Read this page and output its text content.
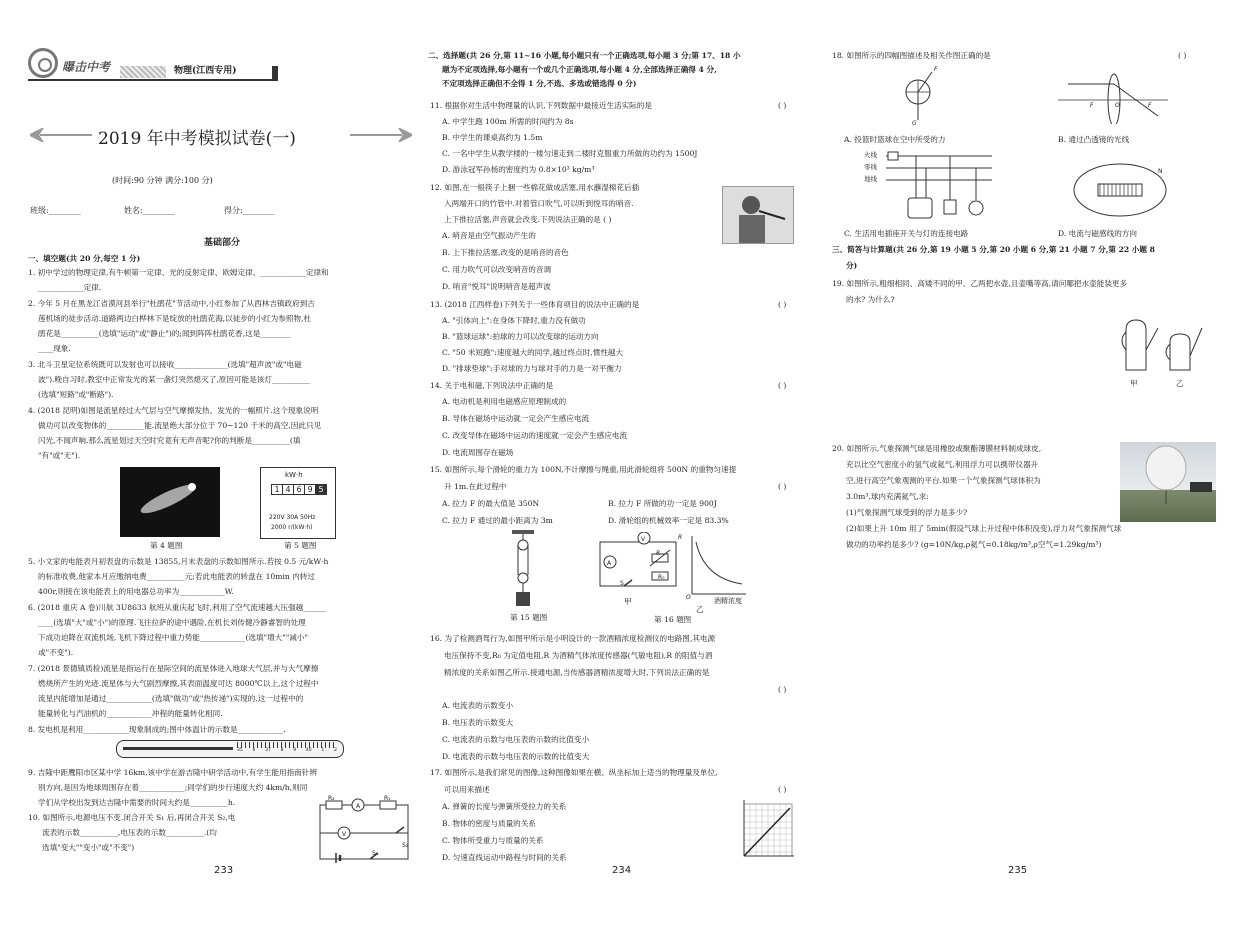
曝击中考	物理(江西专用)
2019 年中考模拟试卷(一)
(时间:90 分钟 满分:100 分)
班级:________	姓名:________	得分:________
基础部分
一、填空题(共 20 分,每空 1 分)
1. 初中学过的物理定律,有牛顿第一定律、光的反射定律、欧姆定律、____________定律和
____________定律.
2. 今年 5 月在黑龙江省漠河县举行"杜鹃花"节活动中,小红参加了从西林吉镇政府到古
莲机场的徒步活动.道路两边白桦林下是绽放的杜鹃花海,以徒步的小红为参照物,杜
鹃花是__________(选填"运动"或"静止")的;闻到阵阵杜鹃花香,这是________
____现象.
3. 北斗卫星定位系统既可以发射也可以接收______________(选填"超声波"或"电磁
波").晚自习时,教室中正常发光的某一盏灯突然熄灭了,原因可能是该灯__________
(选填"短路"或"断路").
4. (2018 昆明)如图是流星经过大气层与空气摩擦发热、发光的一幅照片.这个现象说明
做功可以改变物体的__________能.流星绝大部分位于 70~120 千米的高空,因此只见
闪光,不闻声响.那么流星划过天空时究竟有无声音呢?你的判断是__________(填
"有"或"无").
第 4 题图
kW·h
1 4 6 9 5
220V 30A 50Hz
2000 r/(kW·h)
第 5 题图
5. 小文家的电能表月初表盘的示数是 13855,月末表盘的示数如图所示.若按 0.5 元/kW·h
的标准收费,他家本月应缴纳电费__________元;若此电能表的转盘在 10min 内转过
400r,则接在该电能表上的用电器总功率为____________W.
6. (2018 重庆 A 卷)川航 3U8633 航班从重庆起飞时,利用了空气流速越大压强越______
____(选填"大"或"小")的原理.飞往拉萨的途中遇险,在机长刘传健冷静睿智的处理
下成功迫降在双流机场,飞机下降过程中重力势能____________(选填"增大""减小"
或"不变").
7. (2018 景德镇质检)流星是指运行在星际空间的流星体进入地球大气层,并与大气摩擦
燃烧所产生的光迹.流星体与大气剧烈摩擦,其表面温度可达 8000℃以上,这个过程中
流星内能增加是通过____________(选填"做功"或"热传递")实现的,这一过程中的
能量转化与汽油机的____________冲程的能量转化相同.
8. 发电机是利用____________现象制成的;图中体温计的示数是____________.
35 6 37 8 9 40 1 2
9. 吉隆中距鹰阳市区某中学 16km,该中学在游吉隆中研学活动中,有学生能用指南针辨
别方向,是因为地球周围存在着____________;同学们的步行速度大约 4km/h,则同
学们从学校出发到达吉隆中需要的时间大约是__________h.
10. 如图所示,电源电压不变.闭合开关 S₁ 后,再闭合开关 S₂,电
流表的示数__________,电压表的示数__________.(均
选填"变大""变小"或"不变")
R₂
A
R₁
V
S₁
S₂
233
二、选择题(共 26 分,第 11~16 小题,每小题只有一个正确选项,每小题 3 分;第 17、18 小
题为不定项选择,每小题有一个或几个正确选项,每小题 4 分,全部选择正确得 4 分,
不定项选择正确但不全得 1 分,不选、多选或错选得 0 分)
11. 根据你对生活中物理量的认识,下列数据中最接近生活实际的是	( )
A. 中学生跑 100m 所需的时间约为 8s
B. 中学生的课桌高约为 1.5m
C. 一名中学生从教学楼的一楼匀速走到二楼时克服重力所做的功约为 1500J
D. 游泳冠军孙杨的密度约为 0.8×10³ kg/m³
12. 如图,在一根筷子上捆一些棉花做成活塞,用水蘸湿棉花后插
入两端开口的竹管中.对着管口吹气,可以听到悦耳的哨音.
上下推拉活塞,声音就会改变.下列说法正确的是 ( )
A. 哨音是由空气振动产生的
B. 上下推拉活塞,改变的是哨音的音色
C. 用力吹气可以改变哨音的音调
D. 哨音"悦耳"说明哨音是超声波
13. (2018 江西样卷)下列关于一些体育项目的说法中正确的是	( )
A. "引体向上":在身体下降时,重力没有做功
B. "篮球运球":拍球的力可以改变球的运动方向
C. "50 米短跑":速度越大的同学,越过终点时,惯性越大
D. "排球垫球":手对球的力与球对手的力是一对平衡力
14. 关于电和磁,下列说法中正确的是	( )
A. 电动机是利用电磁感应原理制成的
B. 导体在磁场中运动就一定会产生感应电流
C. 改变导体在磁场中运动的速度就一定会产生感应电流
D. 电流周围存在磁场
15. 如图所示,每个滑轮的重力为 100N,不计摩擦与绳重,用此滑轮组将 500N 的重物匀速提
升 1m.在此过程中	( )
A. 拉力 F 的最大值是 350N	B. 拉力 F 所做的功一定是 900J
C. 拉力 F 通过的最小距离为 3m	D. 滑轮组的机械效率一定是 83.3%
第 15 题图
A
V
R
R₀
S
甲
R
O	酒精浓度
乙
第 16 题图
16. 为了检测酒驾行为,如图甲所示是小明设计的一款酒精浓度检测仪的电路图,其电源
电压保持不变,R₀ 为定值电阻,R 为酒精气体浓度传感器(气敏电阻),R 的阻值与酒
精浓度的关系如图乙所示.接通电源,当传感器酒精浓度增大时,下列说法正确的是
( )
A. 电流表的示数变小
B. 电压表的示数变大
C. 电流表的示数与电压表的示数的比值变小
D. 电流表的示数与电压表的示数的比值变大
17. 如图所示,是我们常见的图像,这种图像如果在横、纵坐标加上适当的物理量及单位,
可以用来描述	( )
A. 弹簧的长度与弹簧所受拉力的关系
B. 物体的密度与质量的关系
C. 物体所受重力与质量的关系
D. 匀速直线运动中路程与时间的关系
234
18. 如图所示的四幅图描述及相关作图正确的是	( )
F
G
A. 投篮时篮球在空中所受的力
F	O	F
B. 通过凸透镜的光线
火线
零线
地线
C. 生活用电插座开关与灯的连接电路
N
D. 电流与磁感线的方向
三、简答与计算题(共 26 分,第 19 小题 5 分,第 20 小题 6 分,第 21 小题 7 分,第 22 小题 8
分)
19. 如图所示,粗细相同、高矮不同的甲、乙两把水壶,且壶嘴等高,请问哪把水壶能装更多
的水? 为什么?
甲	乙
20. 如图所示,气象探测气球是用橡胶或聚酯薄膜材料制成球皮,
充以比空气密度小的氢气或氦气,利用浮力可以携带仪器升
空,进行高空气象观测的平台.如果一个气象探测气球体积为
3.0m³,球内充满氦气,求:
(1)气象探测气球受到的浮力是多少?
(2)如果上升 10m 用了 5min(假设气球上升过程中体积没变),浮力对气象探测气球
做功的功率约是多少? (g=10N/kg,ρ氦气=0.18kg/m³,ρ空气=1.29kg/m³)
235
